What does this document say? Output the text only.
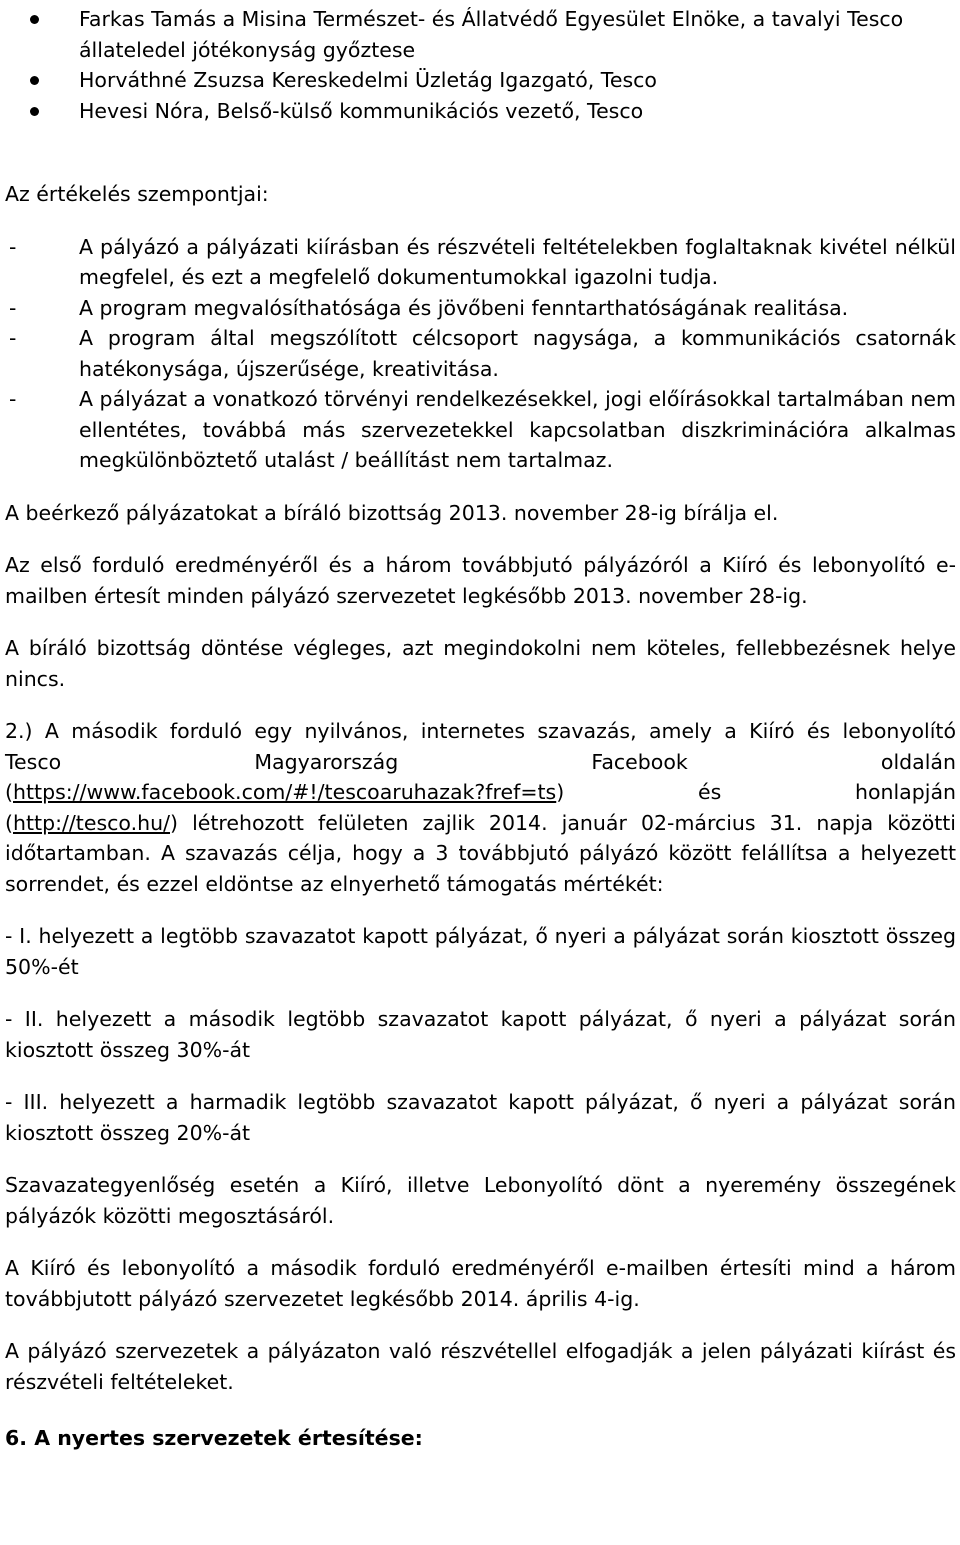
Farkas Tamás a Misina Természet- és Állatvédő Egyesület Elnöke, a tavalyi Tesco állateledel jótékonyság győztese
Horváthné Zsuzsa Kereskedelmi Üzletág Igazgató, Tesco
Hevesi Nóra, Belső-külső kommunikációs vezető, Tesco

Az értékelés szempontjai:

-	A pályázó a pályázati kiírásban és részvételi feltételekben foglaltaknak kivétel nélkül megfelel, és ezt a megfelelő dokumentumokkal igazolni tudja.
-	A program megvalósíthatósága és jövőbeni fenntarthatóságának realitása.
-	A program által megszólított célcsoport nagysága, a kommunikációs csatornák hatékonysága, újszerűsége, kreativitása.
-	A pályázat a vonatkozó törvényi rendelkezésekkel, jogi előírásokkal tartalmában nem ellentétes, továbbá más szervezetekkel kapcsolatban diszkriminációra alkalmas megkülönböztető utalást / beállítást nem tartalmaz.

A beérkező pályázatokat a bíráló bizottság 2013. november 28-ig bírálja el.

Az első forduló eredményéről és a három továbbjutó pályázóról a Kiíró és lebonyolító e-mailben értesít minden pályázó szervezetet legkésőbb 2013. november 28-ig.

A bíráló bizottság döntése végleges, azt megindokolni nem köteles, fellebbezésnek helye nincs.

2.) A második forduló egy nyilvános, internetes szavazás, amely a Kiíró és lebonyolító
Tesco Magyarország Facebook oldalán
(https://www.facebook.com/#!/tescoaruhazak?fref=ts) és honlapján
(http://tesco.hu/) létrehozott felületen zajlik 2014. január 02-március 31. napja közötti időtartamban. A szavazás célja, hogy a 3 továbbjutó pályázó között felállítsa a helyezett sorrendet, és ezzel eldöntse az elnyerhető támogatás mértékét:

- I. helyezett a legtöbb szavazatot kapott pályázat, ő nyeri a pályázat során kiosztott összeg 50%-ét

- II. helyezett a második legtöbb szavazatot kapott pályázat, ő nyeri a pályázat során kiosztott összeg 30%-át

- III. helyezett a harmadik legtöbb szavazatot kapott pályázat, ő nyeri a pályázat során kiosztott összeg 20%-át

Szavazategyenlőség esetén a Kiíró, illetve Lebonyolító dönt a nyeremény összegének pályázók közötti megosztásáról.

A Kiíró és lebonyolító a második forduló eredményéről e-mailben értesíti mind a három továbbjutott pályázó szervezetet legkésőbb 2014. április 4-ig.

A pályázó szervezetek a pályázaton való részvétellel elfogadják a jelen pályázati kiírást és részvételi feltételeket.

6. A nyertes szervezetek értesítése:
